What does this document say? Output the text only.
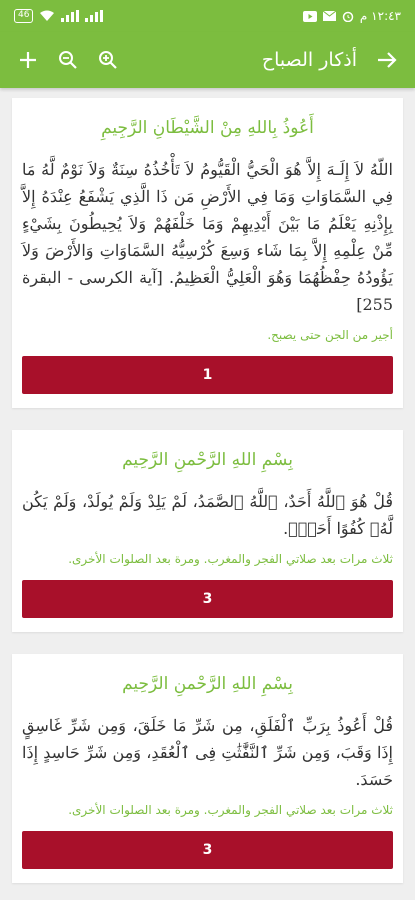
46	١٢:٤٣ م
أذكار الصباح
أَعُوذُ بِاللهِ مِنْ الشَّيْطَانِ الرَّجِيمِ
اللّهُ لاَ إِلَـهَ إِلاَّ هُوَ الْحَيُّ الْقَيُّومُ لاَ تَأْخُذُهُ سِنَةٌ وَلاَ نَوْمٌ لَّهُ مَا فِي السَّمَاوَاتِ وَمَا فِي الأَرْضِ مَن ذَا الَّذِي يَشْفَعُ عِنْدَهُ إِلاَّ بِإِذْنِهِ يَعْلَمُ مَا بَيْنَ أَيْدِيهِمْ وَمَا خَلْفَهُمْ وَلاَ يُحِيطُونَ بِشَيْءٍ مِّنْ عِلْمِهِ إِلاَّ بِمَا شَاء وَسِعَ كُرْسِيُّهُ السَّمَاوَاتِ وَالأَرْضَ وَلاَ يَؤُودُهُ حِفْظُهُمَا وَهُوَ الْعَلِيُّ الْعَظِيمُ. [آية الكرسى - البقرة 255]
أجير من الجن حتى يصبح.
1
بِسْمِ اللهِ الرَّحْمنِ الرَّحِيم
قُلْ هُوَ ٱللَّهُ أَحَدٌ، ٱللَّهُ ٱلصَّمَدُ، لَمْ يَلِدْ وَلَمْ يُولَدْ، وَلَمْ يَكُن لَّهُۥ كُفُوًا أَحَدٌۢ.
ثلاث مرات بعد صلاتي الفجر والمغرب. ومرة بعد الصلوات الأخرى.
3
بِسْمِ اللهِ الرَّحْمنِ الرَّحِيم
قُلْ أَعُوذُ بِرَبِّ ٱلْفَلَقِ، مِن شَرِّ مَا خَلَقَ، وَمِن شَرِّ غَاسِقٍ إِذَا وَقَبَ، وَمِن شَرِّ ٱلنَّفَّٰثَٰتِ فِى ٱلْعُقَدِ، وَمِن شَرِّ حَاسِدٍ إِذَا حَسَدَ.
ثلاث مرات بعد صلاتي الفجر والمغرب. ومرة بعد الصلوات الأخرى.
3
